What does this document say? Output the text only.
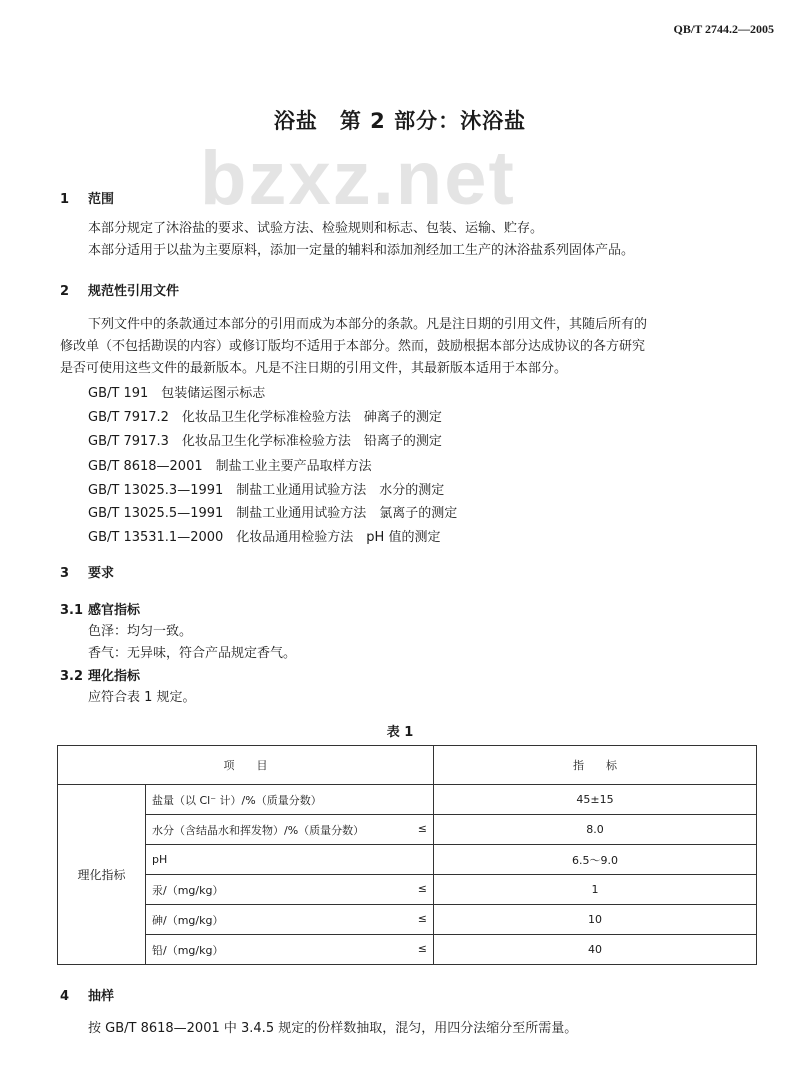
QB/T 2744.2—2005
bzxz.net
浴盐　第 2 部分：沐浴盐
1 范围
本部分规定了沐浴盐的要求、试验方法、检验规则和标志、包装、运输、贮存。
本部分适用于以盐为主要原料，添加一定量的辅料和添加剂经加工生产的沐浴盐系列固体产品。
2 规范性引用文件
下列文件中的条款通过本部分的引用而成为本部分的条款。凡是注日期的引用文件，其随后所有的
修改单（不包括勘误的内容）或修订版均不适用于本部分。然而，鼓励根据本部分达成协议的各方研究
是否可使用这些文件的最新版本。凡是不注日期的引用文件，其最新版本适用于本部分。
GB/T 191　包装储运图示标志
GB/T 7917.2　化妆品卫生化学标准检验方法　砷离子的测定
GB/T 7917.3　化妆品卫生化学标准检验方法　铅离子的测定
GB/T 8618—2001　制盐工业主要产品取样方法
GB/T 13025.3—1991　制盐工业通用试验方法　水分的测定
GB/T 13025.5—1991　制盐工业通用试验方法　氯离子的测定
GB/T 13531.1—2000　化妆品通用检验方法　pH 值的测定
3 要求
3.1 感官指标
色泽：均匀一致。
香气：无异味，符合产品规定香气。
3.2 理化指标
应符合表 1 规定。
表 1
项　　目		指　　标
理化指标	盐量（以 Cl⁻ 计）/%（质量分数）	45±15
	水分（含结晶水和挥发物）/%（质量分数） ≤	8.0
	pH	6.5～9.0
	汞/（mg/kg） ≤	1
	砷/（mg/kg） ≤	10
	铅/（mg/kg） ≤	40
4 抽样
按 GB/T 8618—2001 中 3.4.5 规定的份样数抽取，混匀，用四分法缩分至所需量。
